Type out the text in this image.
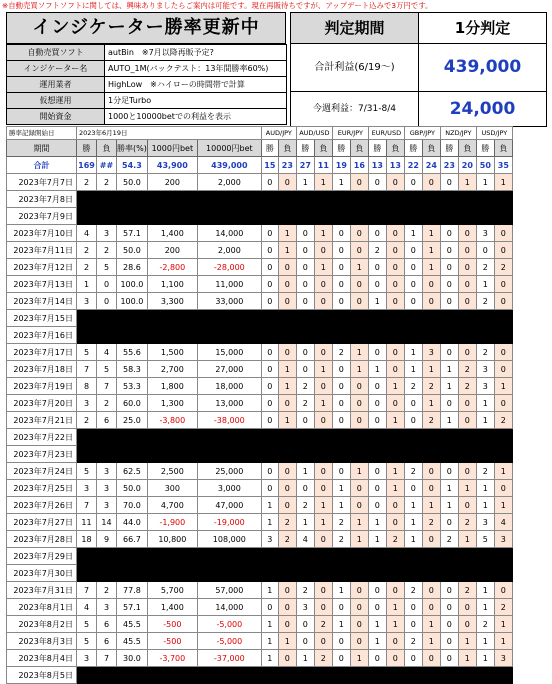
※自動売買ソフトソフトに関しては、興味ありましたらご案内は可能です。現在再販待ちですが、アップデート込みで3万円です。
インジケーター勝率更新中
自動売買ソフト	autBin　※7月以降再販予定?
インジケーター名	AUTO_1M(バックテスト：13年間勝率60%)
運用業者	HighLow　※ハイローの時間帯で計算
仮想運用	1分足Turbo
開始資金	1000と10000betでの利益を表示
判定期間	1分判定
合計利益(6/19〜)	439,000
今週利益：7/31-8/4	24,000
勝率記録開始日	2023年6月19日					AUD/JPY		AUD/USD		EUR/JPY		EUR/USD		GBP/JPY		NZD/JPY		USD/JPY	
期間	勝	負	勝率(%)	1000円bet	10000円bet	勝	負	勝	負	勝	負	勝	負	勝	負	勝	負	勝	負
合計	169	##	54.3	43,900	439,000	15	23	27	11	19	16	13	13	22	24	23	20	50	35
2023年7月7日	2	2	50.0	200	2,000	0	0	1	1	1	0	0	0	0	0	0	1	1	1
2023年7月8日																			
2023年7月9日																			
2023年7月10日	4	3	57.1	1,400	14,000	0	1	0	1	0	0	0	0	1	1	0	0	3	0
2023年7月11日	2	2	50.0	200	2,000	0	1	0	0	0	0	2	0	0	1	0	0	0	0
2023年7月12日	2	5	28.6	-2,800	-28,000	0	0	0	1	0	1	0	0	0	1	0	0	2	2
2023年7月13日	1	0	100.0	1,100	11,000	0	0	0	0	0	0	0	0	0	0	0	0	1	0
2023年7月14日	3	0	100.0	3,300	33,000	0	0	0	0	0	0	1	0	0	0	0	0	2	0
2023年7月15日																			
2023年7月16日																			
2023年7月17日	5	4	55.6	1,500	15,000	0	0	0	0	2	1	0	0	1	3	0	0	2	0
2023年7月18日	7	5	58.3	2,700	27,000	0	1	0	1	0	1	1	0	1	1	1	2	3	0
2023年7月19日	8	7	53.3	1,800	18,000	0	1	2	0	0	0	0	1	2	2	1	2	3	1
2023年7月20日	3	2	60.0	1,300	13,000	0	0	2	1	0	0	0	0	0	1	0	0	1	0
2023年7月21日	2	6	25.0	-3,800	-38,000	0	1	0	0	0	0	0	1	0	2	1	0	1	2
2023年7月22日																			
2023年7月23日																			
2023年7月24日	5	3	62.5	2,500	25,000	0	0	1	0	0	1	0	1	2	0	0	0	2	1
2023年7月25日	3	3	50.0	300	3,000	0	0	0	0	1	0	0	1	0	0	1	1	1	0
2023年7月26日	7	3	70.0	4,700	47,000	1	0	2	1	1	0	0	0	1	1	1	0	1	1
2023年7月27日	11	14	44.0	-1,900	-19,000	1	2	1	1	2	1	1	0	1	2	0	2	3	4
2023年7月28日	18	9	66.7	10,800	108,000	3	2	4	0	2	1	1	2	1	0	2	1	5	3
2023年7月29日																			
2023年7月30日																			
2023年7月31日	7	2	77.8	5,700	57,000	1	0	2	0	1	0	0	0	2	0	0	2	1	0
2023年8月1日	4	3	57.1	1,400	14,000	0	0	3	0	0	0	0	1	0	0	0	0	1	2
2023年8月2日	5	6	45.5	-500	-5,000	1	0	0	2	1	0	1	1	0	1	0	0	2	1
2023年8月3日	5	6	45.5	-500	-5,000	1	1	0	0	0	0	1	0	2	1	0	1	1	1
2023年8月4日	3	7	30.0	-3,700	-37,000	1	0	1	2	0	1	0	0	0	0	0	1	1	3
2023年8月5日																			
